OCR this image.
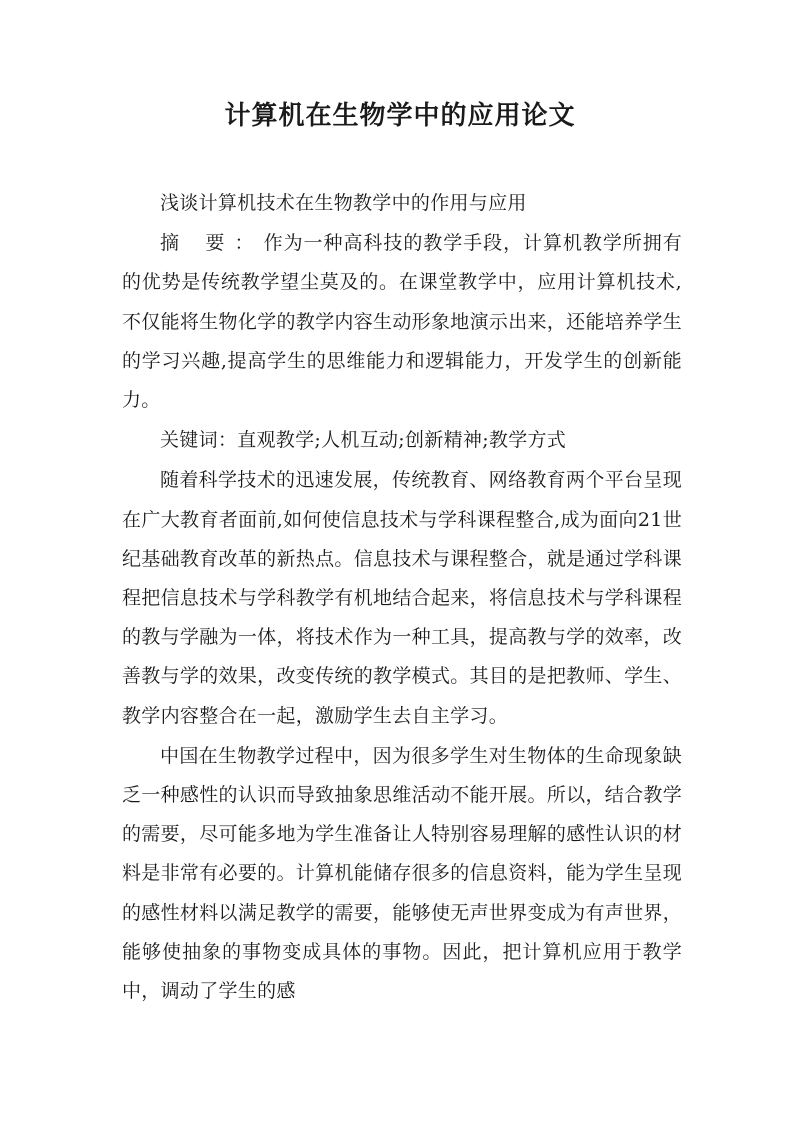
计算机在生物学中的应用论文

浅谈计算机技术在生物教学中的作用与应用

摘 要：作为一种高科技的教学手段，计算机教学所拥有的优势是传统教学望尘莫及的。在课堂教学中，应用计算机技术,不仅能将生物化学的教学内容生动形象地演示出来，还能培养学生的学习兴趣,提高学生的思维能力和逻辑能力，开发学生的创新能力。

关键词：直观教学;人机互动;创新精神;教学方式

随着科学技术的迅速发展，传统教育、网络教育两个平台呈现在广大教育者面前,如何使信息技术与学科课程整合,成为面向21世纪基础教育改革的新热点。信息技术与课程整合，就是通过学科课程把信息技术与学科教学有机地结合起来，将信息技术与学科课程的教与学融为一体，将技术作为一种工具，提高教与学的效率，改善教与学的效果，改变传统的教学模式。其目的是把教师、学生、教学内容整合在一起，激励学生去自主学习。

中国在生物教学过程中，因为很多学生对生物体的生命现象缺乏一种感性的认识而导致抽象思维活动不能开展。所以，结合教学的需要，尽可能多地为学生准备让人特别容易理解的感性认识的材料是非常有必要的。计算机能储存很多的信息资料，能为学生呈现的感性材料以满足教学的需要，能够使无声世界变成为有声世界，能够使抽象的事物变成具体的事物。因此，把计算机应用于教学中，调动了学生的感
